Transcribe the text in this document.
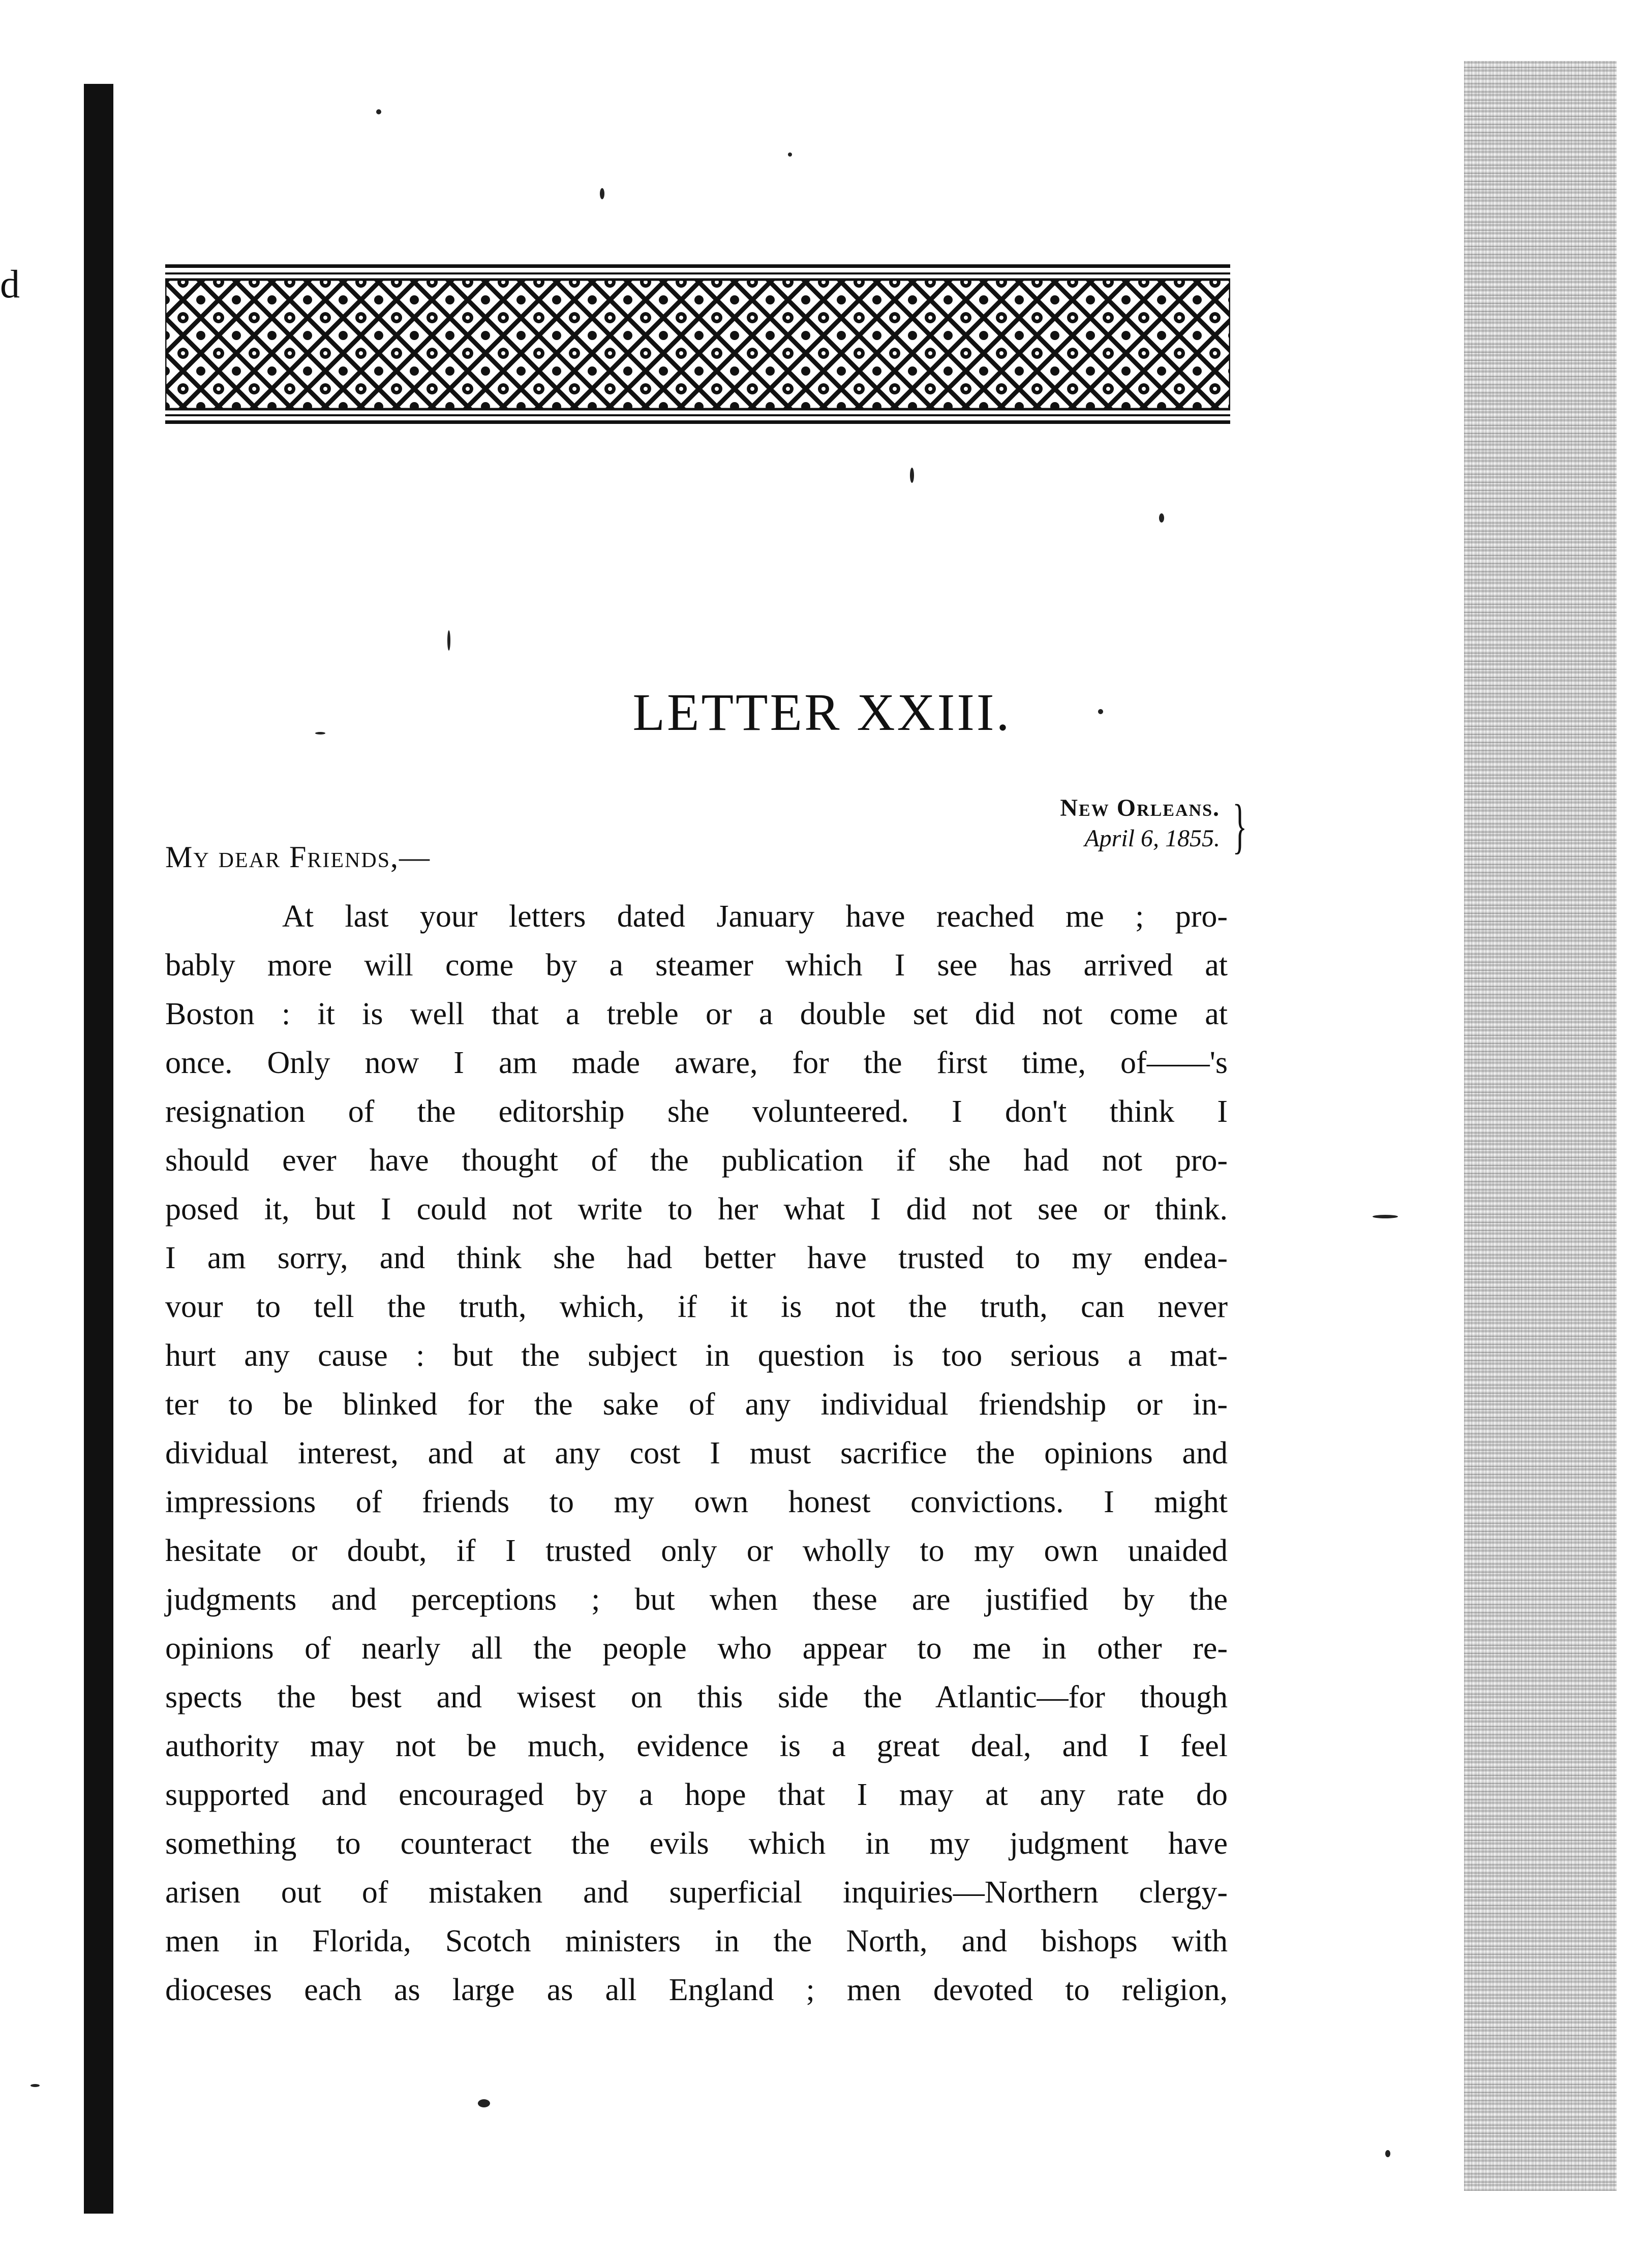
d
LETTER XXIII.
New Orleans.
April 6, 1855. }
My dear Friends,—
At last your letters dated January have reached me ; pro-
bably more will come by a steamer which I see has arrived at
Boston : it is well that a treble or a double set did not come at
once. Only now I am made aware, for the first time, of——'s
resignation of the editorship she volunteered. I don't think I
should ever have thought of the publication if she had not pro-
posed it, but I could not write to her what I did not see or think.
I am sorry, and think she had better have trusted to my endea-
vour to tell the truth, which, if it is not the truth, can never
hurt any cause : but the subject in question is too serious a mat-
ter to be blinked for the sake of any individual friendship or in-
dividual interest, and at any cost I must sacrifice the opinions and
impressions of friends to my own honest convictions. I might
hesitate or doubt, if I trusted only or wholly to my own unaided
judgments and perceptions ; but when these are justified by the
opinions of nearly all the people who appear to me in other re-
spects the best and wisest on this side the Atlantic—for though
authority may not be much, evidence is a great deal, and I feel
supported and encouraged by a hope that I may at any rate do
something to counteract the evils which in my judgment have
arisen out of mistaken and superficial inquiries—Northern clergy-
men in Florida, Scotch ministers in the North, and bishops with
dioceses each as large as all England ; men devoted to religion,
